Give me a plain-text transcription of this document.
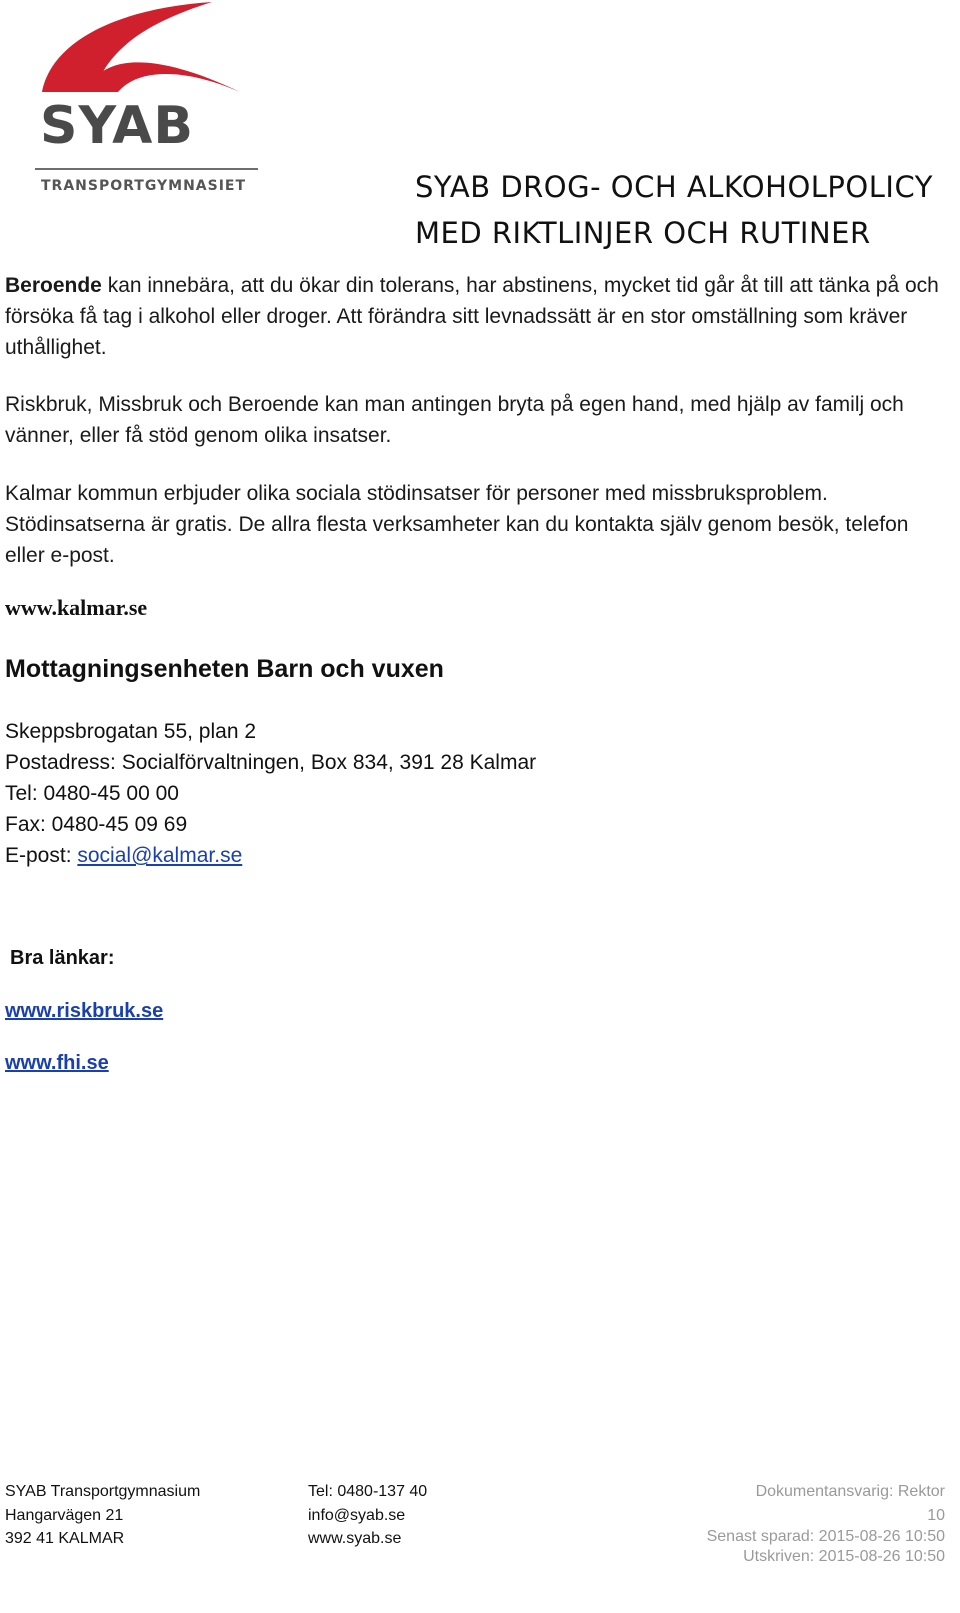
SYAB
TRANSPORTGYMNASIET	SYAB DROG- OCH ALKOHOLPOLICY
MED RIKTLINJER OCH RUTINER
Beroende kan innebära, att du ökar din tolerans, har abstinens, mycket tid går åt till att tänka på och försöka få tag i alkohol eller droger. Att förändra sitt levnadssätt är en stor omställning som kräver uthållighet.
Riskbruk, Missbruk och Beroende kan man antingen bryta på egen hand, med hjälp av familj och vänner, eller få stöd genom olika insatser.
Kalmar kommun erbjuder olika sociala stödinsatser för personer med missbruksproblem. Stödinsatserna är gratis. De allra flesta verksamheter kan du kontakta själv genom besök, telefon eller e-post.
www.kalmar.se
Mottagningsenheten Barn och vuxen
Skeppsbrogatan 55, plan 2
Postadress: Socialförvaltningen, Box 834, 391 28 Kalmar
Tel: 0480-45 00 00
Fax: 0480-45 09 69
E-post: social@kalmar.se
Bra länkar:
www.riskbruk.se
www.fhi.se
SYAB Transportgymnasium
Hangarvägen 21
392 41 KALMAR
Tel: 0480-137 40
info@syab.se
www.syab.se
Dokumentansvarig: Rektor
10
Senast sparad: 2015-08-26 10:50
Utskriven: 2015-08-26 10:50
